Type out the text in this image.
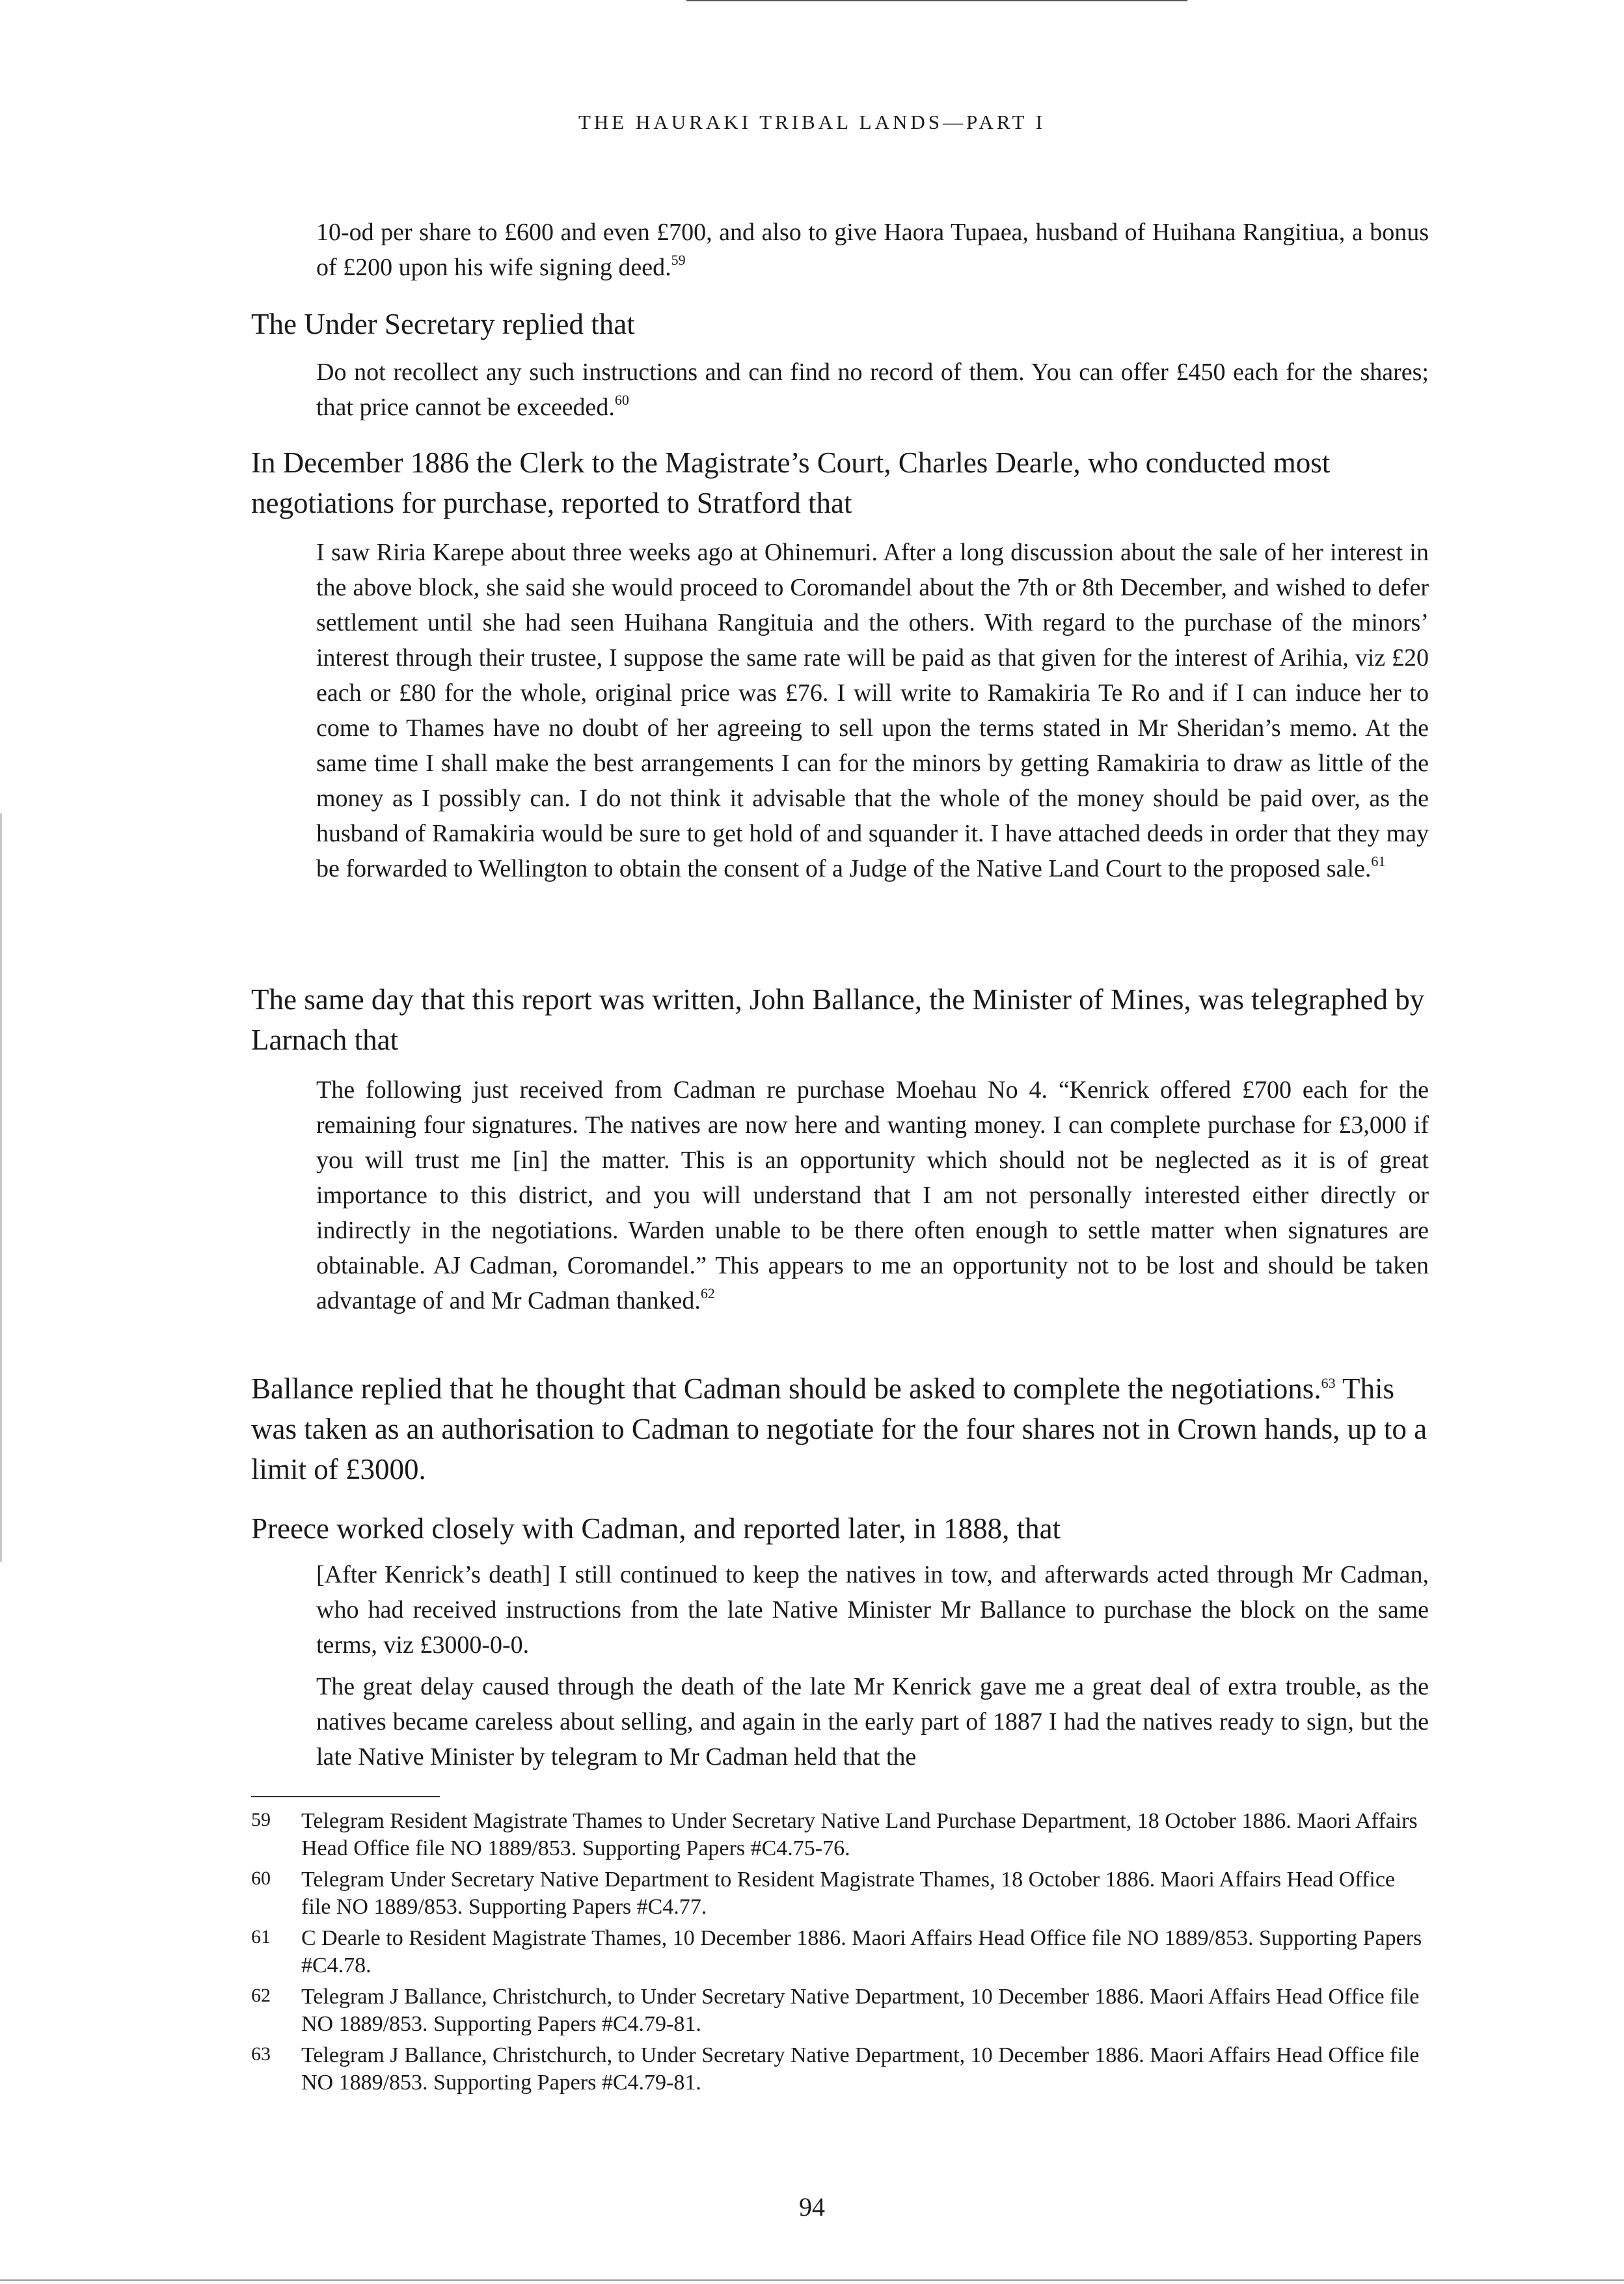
THE HAURAKI TRIBAL LANDS—PART I

10-od per share to £600 and even £700, and also to give Haora Tupaea, husband of Huihana Rangitiua, a bonus of £200 upon his wife signing deed.$^{59}$

The Under Secretary replied that

Do not recollect any such instructions and can find no record of them. You can offer £450 each for the shares; that price cannot be exceeded.$^{60}$

In December 1886 the Clerk to the Magistrate’s Court, Charles Dearle, who conducted most negotiations for purchase, reported to Stratford that

I saw Riria Karepe about three weeks ago at Ohinemuri. After a long discussion about the sale of her interest in the above block, she said she would proceed to Coromandel about the 7th or 8th December, and wished to defer settlement until she had seen Huihana Rangituia and the others. With regard to the purchase of the minors’ interest through their trustee, I suppose the same rate will be paid as that given for the interest of Arihia, viz £20 each or £80 for the whole, original price was £76. I will write to Ramakiria Te Ro and if I can induce her to come to Thames have no doubt of her agreeing to sell upon the terms stated in Mr Sheridan’s memo. At the same time I shall make the best arrangements I can for the minors by getting Ramakiria to draw as little of the money as I possibly can. I do not think it advisable that the whole of the money should be paid over, as the husband of Ramakiria would be sure to get hold of and squander it. I have attached deeds in order that they may be forwarded to Wellington to obtain the consent of a Judge of the Native Land Court to the proposed sale.$^{61}$

The same day that this report was written, John Ballance, the Minister of Mines, was telegraphed by Larnach that

The following just received from Cadman re purchase Moehau No 4. “Kenrick offered £700 each for the remaining four signatures. The natives are now here and wanting money. I can complete purchase for £3,000 if you will trust me [in] the matter. This is an opportunity which should not be neglected as it is of great importance to this district, and you will understand that I am not personally interested either directly or indirectly in the negotiations. Warden unable to be there often enough to settle matter when signatures are obtainable. AJ Cadman, Coromandel.” This appears to me an opportunity not to be lost and should be taken advantage of and Mr Cadman thanked.$^{62}$

Ballance replied that he thought that Cadman should be asked to complete the negotiations.$^{63}$ This was taken as an authorisation to Cadman to negotiate for the four shares not in Crown hands, up to a limit of £3000.

Preece worked closely with Cadman, and reported later, in 1888, that

[After Kenrick’s death] I still continued to keep the natives in tow, and afterwards acted through Mr Cadman, who had received instructions from the late Native Minister Mr Ballance to purchase the block on the same terms, viz £3000-0-0.

The great delay caused through the death of the late Mr Kenrick gave me a great deal of extra trouble, as the natives became careless about selling, and again in the early part of 1887 I had the natives ready to sign, but the late Native Minister by telegram to Mr Cadman held that the

59 Telegram Resident Magistrate Thames to Under Secretary Native Land Purchase Department, 18 October 1886. Maori Affairs Head Office file NO 1889/853. Supporting Papers #C4.75-76.
60 Telegram Under Secretary Native Department to Resident Magistrate Thames, 18 October 1886. Maori Affairs Head Office file NO 1889/853. Supporting Papers #C4.77.
61 C Dearle to Resident Magistrate Thames, 10 December 1886. Maori Affairs Head Office file NO 1889/853. Supporting Papers #C4.78.
62 Telegram J Ballance, Christchurch, to Under Secretary Native Department, 10 December 1886. Maori Affairs Head Office file NO 1889/853. Supporting Papers #C4.79-81.
63 Telegram J Ballance, Christchurch, to Under Secretary Native Department, 10 December 1886. Maori Affairs Head Office file NO 1889/853. Supporting Papers #C4.79-81.
94
